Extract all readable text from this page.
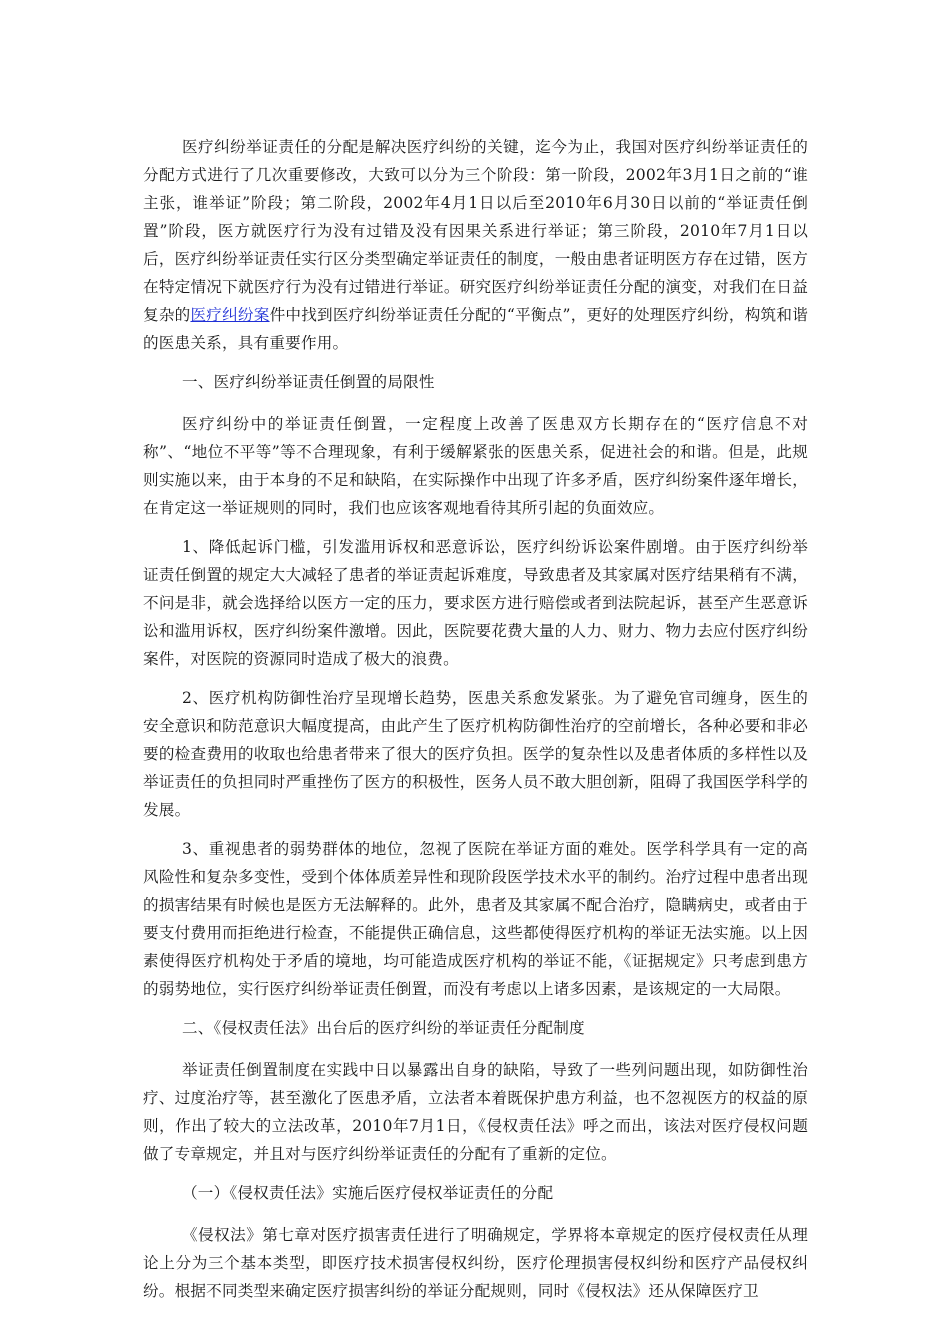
医疗纠纷举证责任的分配是解决医疗纠纷的关键，迄今为止，我国对医疗纠纷举证责任的分配方式进行了几次重要修改，大致可以分为三个阶段：第一阶段，2002年3月1日之前的“谁主张，谁举证”阶段；第二阶段，2002年4月1日以后至2010年6月30日以前的“举证责任倒置”阶段，医方就医疗行为没有过错及没有因果关系进行举证；第三阶段，2010年7月1日以后，医疗纠纷举证责任实行区分类型确定举证责任的制度，一般由患者证明医方存在过错，医方在特定情况下就医疗行为没有过错进行举证。研究医疗纠纷举证责任分配的演变，对我们在日益复杂的医疗纠纷案件中找到医疗纠纷举证责任分配的“平衡点”，更好的处理医疗纠纷，构筑和谐的医患关系，具有重要作用。

一、医疗纠纷举证责任倒置的局限性

医疗纠纷中的举证责任倒置，一定程度上改善了医患双方长期存在的“医疗信息不对称”、“地位不平等”等不合理现象，有利于缓解紧张的医患关系，促进社会的和谐。但是，此规则实施以来，由于本身的不足和缺陷，在实际操作中出现了许多矛盾，医疗纠纷案件逐年增长，在肯定这一举证规则的同时，我们也应该客观地看待其所引起的负面效应。

1、降低起诉门槛，引发滥用诉权和恶意诉讼，医疗纠纷诉讼案件剧增。由于医疗纠纷举证责任倒置的规定大大减轻了患者的举证责起诉难度，导致患者及其家属对医疗结果稍有不满，不问是非，就会选择给以医方一定的压力，要求医方进行赔偿或者到法院起诉，甚至产生恶意诉讼和滥用诉权，医疗纠纷案件激增。因此，医院要花费大量的人力、财力、物力去应付医疗纠纷案件，对医院的资源同时造成了极大的浪费。

2、医疗机构防御性治疗呈现增长趋势，医患关系愈发紧张。为了避免官司缠身，医生的安全意识和防范意识大幅度提高，由此产生了医疗机构防御性治疗的空前增长，各种必要和非必要的检查费用的收取也给患者带来了很大的医疗负担。医学的复杂性以及患者体质的多样性以及举证责任的负担同时严重挫伤了医方的积极性，医务人员不敢大胆创新，阻碍了我国医学科学的发展。

3、重视患者的弱势群体的地位，忽视了医院在举证方面的难处。医学科学具有一定的高风险性和复杂多变性，受到个体体质差异性和现阶段医学技术水平的制约。治疗过程中患者出现的损害结果有时候也是医方无法解释的。此外，患者及其家属不配合治疗，隐瞒病史，或者由于要支付费用而拒绝进行检查，不能提供正确信息，这些都使得医疗机构的举证无法实施。以上因素使得医疗机构处于矛盾的境地，均可能造成医疗机构的举证不能，《证据规定》只考虑到患方的弱势地位，实行医疗纠纷举证责任倒置，而没有考虑以上诸多因素，是该规定的一大局限。

二、《侵权责任法》出台后的医疗纠纷的举证责任分配制度

举证责任倒置制度在实践中日以暴露出自身的缺陷，导致了一些列问题出现，如防御性治疗、过度治疗等，甚至激化了医患矛盾，立法者本着既保护患方利益，也不忽视医方的权益的原则，作出了较大的立法改革，2010年7月1日，《侵权责任法》呼之而出，该法对医疗侵权问题做了专章规定，并且对与医疗纠纷举证责任的分配有了重新的定位。

（一）《侵权责任法》实施后医疗侵权举证责任的分配

《侵权法》第七章对医疗损害责任进行了明确规定，学界将本章规定的医疗侵权责任从理论上分为三个基本类型，即医疗技术损害侵权纠纷，医疗伦理损害侵权纠纷和医疗产品侵权纠纷。根据不同类型来确定医疗损害纠纷的举证分配规则，同时《侵权法》还从保障医疗卫
